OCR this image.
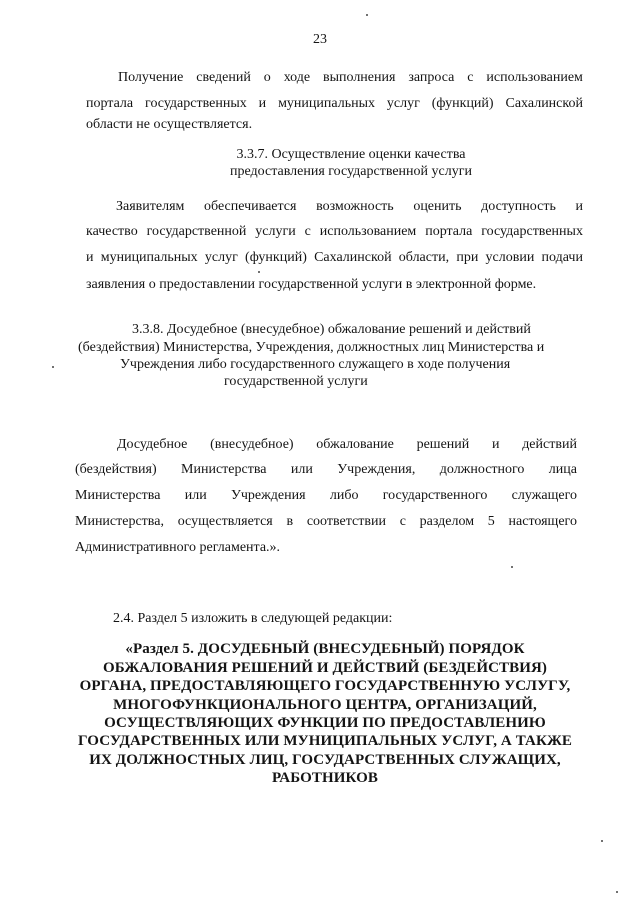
23
Получение сведений о ходе выполнения запроса с использованием
портала государственных и муниципальных услуг (функций) Сахалинской
области не осуществляется.
3.3.7. Осуществление оценки качества
предоставления государственной услуги
Заявителям обеспечивается возможность оценить доступность и
качество государственной услуги с использованием портала государственных
и муниципальных услуг (функций) Сахалинской области, при условии подачи
заявления о предоставлении государственной услуги в электронной форме.
3.3.8. Досудебное (внесудебное) обжалование решений и действий
(бездействия) Министерства, Учреждения, должностных лиц Министерства и
Учреждения либо государственного служащего в ходе получения
государственной услуги
Досудебное (внесудебное) обжалование решений и действий
(бездействия) Министерства или Учреждения, должностного лица
Министерства или Учреждения либо государственного служащего
Министерства, осуществляется в соответствии с разделом 5 настоящего
Административного регламента.».
2.4. Раздел 5 изложить в следующей редакции:
«Раздел 5. ДОСУДЕБНЫЙ (ВНЕСУДЕБНЫЙ) ПОРЯДОК
ОБЖАЛОВАНИЯ РЕШЕНИЙ И ДЕЙСТВИЙ (БЕЗДЕЙСТВИЯ)
ОРГАНА, ПРЕДОСТАВЛЯЮЩЕГО ГОСУДАРСТВЕННУЮ УСЛУГУ,
МНОГОФУНКЦИОНАЛЬНОГО ЦЕНТРА, ОРГАНИЗАЦИЙ,
ОСУЩЕСТВЛЯЮЩИХ ФУНКЦИИ ПО ПРЕДОСТАВЛЕНИЮ
ГОСУДАРСТВЕННЫХ ИЛИ МУНИЦИПАЛЬНЫХ УСЛУГ, А ТАКЖЕ
ИХ ДОЛЖНОСТНЫХ ЛИЦ, ГОСУДАРСТВЕННЫХ СЛУЖАЩИХ,
РАБОТНИКОВ
